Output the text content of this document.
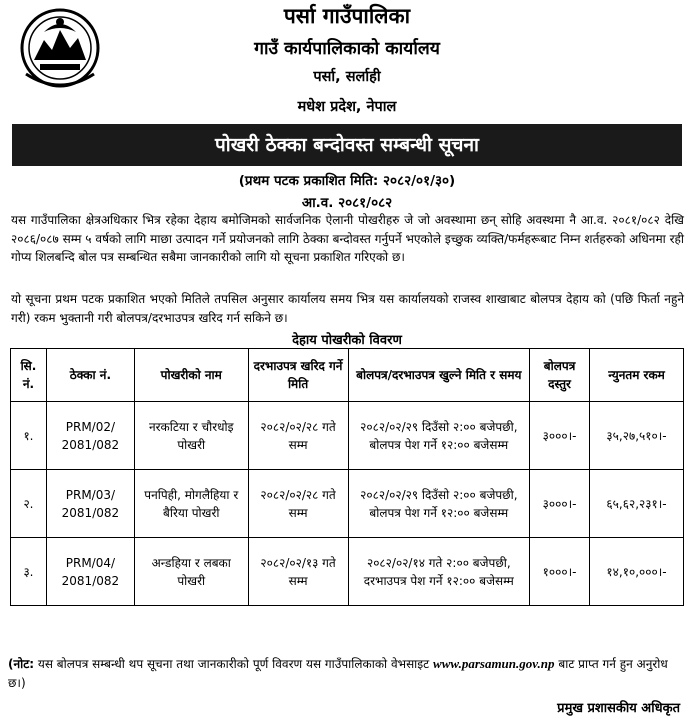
पर्सा गाउँपालिका
गाउँ कार्यपालिकाको कार्यालय
पर्सा, सर्लाही
मधेश प्रदेश, नेपाल
पोखरी ठेक्का बन्दोवस्त सम्बन्धी सूचना
(प्रथम पटक प्रकाशित मिति: २०८२/०१/३०)
आ.व. २०८१/०८२

यस गाउँपालिका क्षेत्रअधिकार भित्र रहेका देहाय बमोजिमको सार्वजनिक ऐलानी पोखरीहरु जे जो अवस्थामा छन् सोहि अवस्थमा नै आ.व. २०८१/०८२ देखि २०८६/०८७ सम्म ५ वर्षको लागि माछा उत्पादन गर्ने प्रयोजनको लागि ठेक्का बन्दोवस्त गर्नुपर्ने भएकोले इच्छुक व्यक्ति/फर्महरूबाट निम्न शर्तहरुको अधिनमा रही गोप्य शिलबन्दि बोल पत्र सम्बन्धित सबैमा जानकारीको लागि यो सूचना प्रकाशित गरिएको छ।

यो सूचना प्रथम पटक प्रकाशित भएको मितिले तपसिल अनुसार कार्यालय समय भित्र यस कार्यालयको राजस्व शाखाबाट बोलपत्र देहाय को (पछि फिर्ता नहुने गरी) रकम भुक्तानी गरी बोलपत्र/दरभाउपत्र खरिद गर्न सकिने छ।

देहाय पोखरीको विवरण
सि. नं.	ठेक्का नं.	पोखरीको नाम	दरभाउपत्र खरिद गर्ने मिति	बोलपत्र/दरभाउपत्र खुल्ने मिति र समय	बोलपत्र दस्तुर	न्युनतम रकम
१.	PRM/02/ 2081/082	नरकटिया र चौरधोइ पोखरी	२०८२/०२/२८ गते सम्म	२०८२/०२/२९ दिउँसो २:०० बजेपछी, बोलपत्र पेश गर्ने १२:०० बजेसम्म	३०००।-	३५,२७,५१०।-
२.	PRM/03/ 2081/082	पनपिही, मोगलैहिया र बैरिया पोखरी	२०८२/०२/२८ गते सम्म	२०८२/०२/२९ दिउँसो २:०० बजेपछी, बोलपत्र पेश गर्ने १२:०० बजेसम्म	३०००।-	६५,६२,२३१।-
३.	PRM/04/ 2081/082	अन्डहिया र लबका पोखरी	२०८२/०२/१३ गते सम्म	२०८२/०२/१४ गते २:०० बजेपछी, दरभाउपत्र पेश गर्ने १२:०० बजेसम्म	१०००।-	१४,१०,०००।-

(नोट: यस बोलपत्र सम्बन्धी थप सूचना तथा जानकारीको पूर्ण विवरण यस गाउँपालिकाको वेभसाइट www.parsamun.gov.np बाट प्राप्त गर्न हुन अनुरोध छ।)

प्रमुख प्रशासकीय अधिकृत
